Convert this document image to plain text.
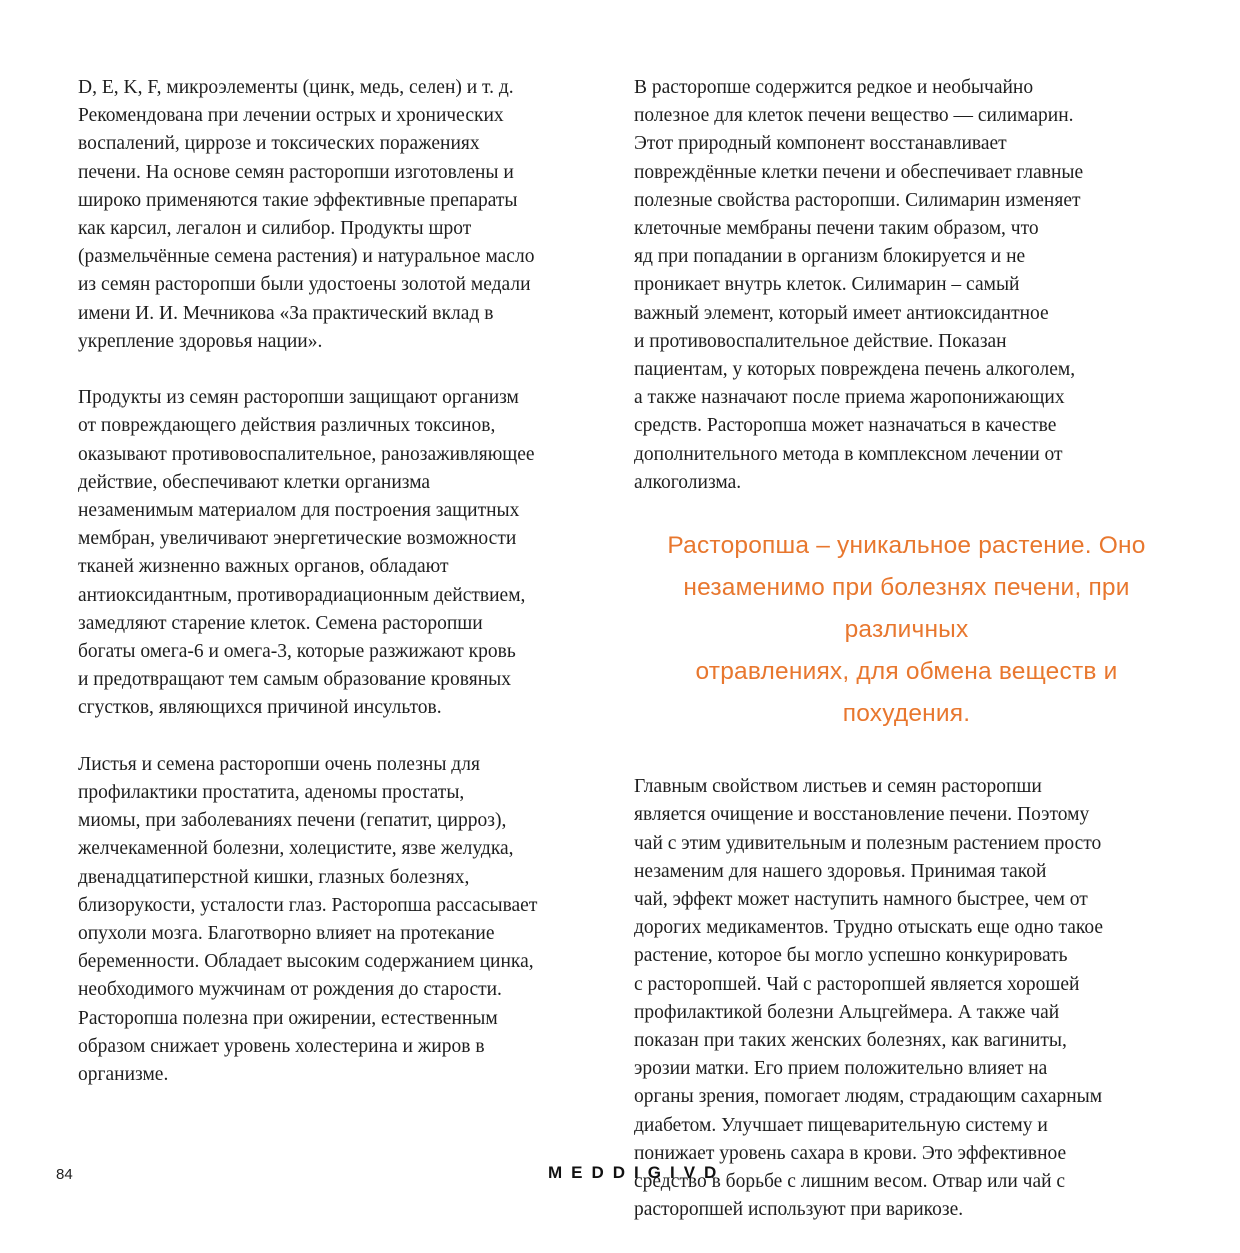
D, E, K, F, микроэлементы (цинк, медь, селен) и т. д.
Рекомендована при лечении острых и хронических
воспалений, циррозе и токсических поражениях
печени. На основе семян расторопши изготовлены и
широко применяются такие эффективные препараты
как карсил, легалон и силибор. Продукты шрот
(размельчённые семена растения) и натуральное масло
из семян расторопши были удостоены золотой медали
имени И. И. Мечникова «За практический вклад в
укрепление здоровья нации».

Продукты из семян расторопши защищают организм
от повреждающего действия различных токсинов,
оказывают противовоспалительное, ранозаживляющее
действие, обеспечивают клетки организма
незаменимым материалом для построения защитных
мембран, увеличивают энергетические возможности
тканей жизненно важных органов, обладают
антиоксидантным, противорадиационным действием,
замедляют старение клеток. Семена расторопши
богаты омега-6 и омега-3, которые разжижают кровь
и предотвращают тем самым образование кровяных
сгустков, являющихся причиной инсультов.

Листья и семена расторопши очень полезны для
профилактики простатита, аденомы простаты,
миомы, при заболеваниях печени (гепатит, цирроз),
желчекаменной болезни, холецистите, язве желудка,
двенадцатиперстной кишки, глазных болезнях,
близорукости, усталости глаз. Расторопша рассасывает
опухоли мозга. Благотворно влияет на протекание
беременности. Обладает высоким содержанием цинка,
необходимого мужчинам от рождения до старости.
Расторопша полезна при ожирении, естественным
образом снижает уровень холестерина и жиров в
организме.

В расторопше содержится редкое и необычайно
полезное для клеток печени вещество — силимарин.
Этот природный компонент восстанавливает
повреждённые клетки печени и обеспечивает главные
полезные свойства расторопши. Силимарин изменяет
клеточные мембраны печени таким образом, что
яд при попадании в организм блокируется и не
проникает внутрь клеток. Силимарин – самый
важный элемент, который имеет антиоксидантное
и противовоспалительное действие. Показан
пациентам, у которых повреждена печень алкоголем,
а также назначают после приема жаропонижающих
средств. Расторопша может назначаться в качестве
дополнительного метода в комплексном лечении от
алкоголизма.

Расторопша – уникальное растение. Оно
незаменимо при болезнях печени, при различных
отравлениях, для обмена веществ и похудения.

Главным свойством листьев и семян расторопши
является очищение и восстановление печени. Поэтому
чай с этим удивительным и полезным растением просто
незаменим для нашего здоровья. Принимая такой
чай, эффект может наступить намного быстрее, чем от
дорогих медикаментов. Трудно отыскать еще одно такое
растение, которое бы могло успешно конкурировать
с расторопшей. Чай с расторопшей является хорошей
профилактикой болезни Альцгеймера. А также чай
показан при таких женских болезнях, как вагиниты,
эрозии матки. Его прием положительно влияет на
органы зрения, помогает людям, страдающим сахарным
диабетом. Улучшает пищеварительную систему и
понижает уровень сахара в крови. Это эффективное
средство в борьбе с лишним весом. Отвар или чай с
расторопшей используют при варикозе.

84	MEDDIGIVD
